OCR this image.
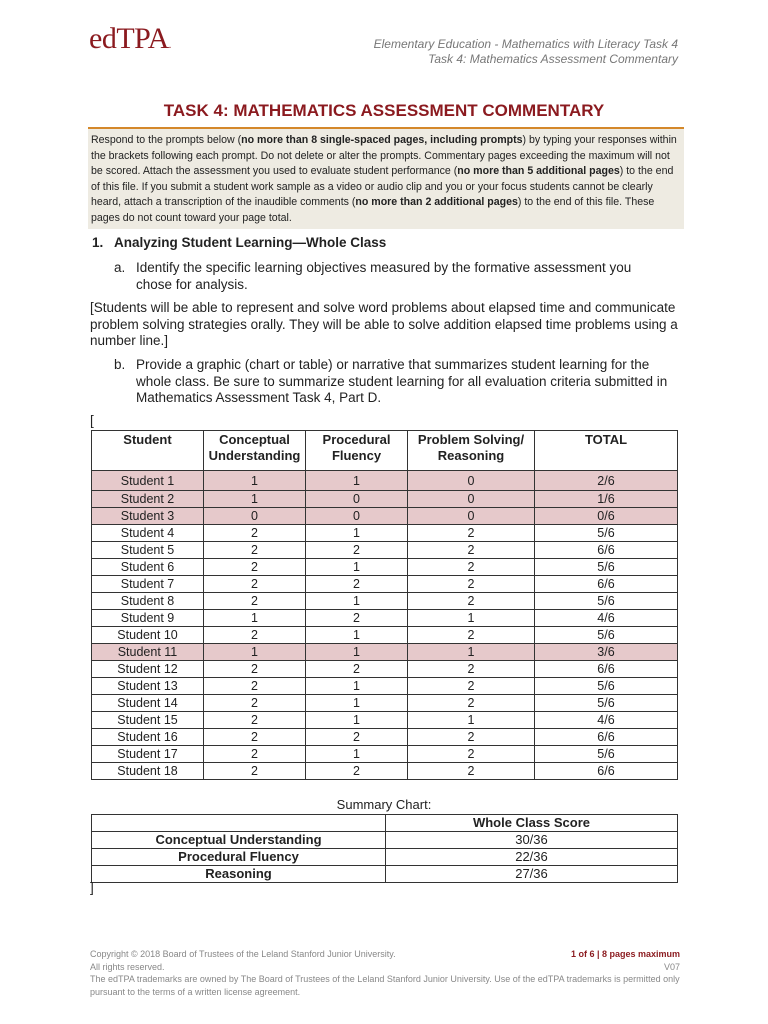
edTPA.	Elementary Education - Mathematics with Literacy Task 4
Task 4: Mathematics Assessment Commentary
TASK 4: MATHEMATICS ASSESSMENT COMMENTARY
Respond to the prompts below (no more than 8 single-spaced pages, including prompts) by typing your responses within the brackets following each prompt. Do not delete or alter the prompts. Commentary pages exceeding the maximum will not be scored. Attach the assessment you used to evaluate student performance (no more than 5 additional pages) to the end of this file. If you submit a student work sample as a video or audio clip and you or your focus students cannot be clearly heard, attach a transcription of the inaudible comments (no more than 2 additional pages) to the end of this file. These pages do not count toward your page total.
1. Analyzing Student Learning—Whole Class
a. Identify the specific learning objectives measured by the formative assessment you chose for analysis.
[Students will be able to represent and solve word problems about elapsed time and communicate problem solving strategies orally. They will be able to solve addition elapsed time problems using a number line.]
b. Provide a graphic (chart or table) or narrative that summarizes student learning for the whole class. Be sure to summarize student learning for all evaluation criteria submitted in Mathematics Assessment Task 4, Part D.
[
Student	Conceptual Understanding	Procedural Fluency	Problem Solving/ Reasoning	TOTAL
Student 1	1	1	0	2/6
Student 2	1	0	0	1/6
Student 3	0	0	0	0/6
Student 4	2	1	2	5/6
Student 5	2	2	2	6/6
Student 6	2	1	2	5/6
Student 7	2	2	2	6/6
Student 8	2	1	2	5/6
Student 9	1	2	1	4/6
Student 10	2	1	2	5/6
Student 11	1	1	1	3/6
Student 12	2	2	2	6/6
Student 13	2	1	2	5/6
Student 14	2	1	2	5/6
Student 15	2	1	1	4/6
Student 16	2	2	2	6/6
Student 17	2	1	2	5/6
Student 18	2	2	2	6/6
Summary Chart:
	Whole Class Score
Conceptual Understanding	30/36
Procedural Fluency	22/36
Reasoning	27/36
]
Copyright © 2018 Board of Trustees of the Leland Stanford Junior University.
All rights reserved.
The edTPA trademarks are owned by The Board of Trustees of the Leland Stanford Junior University. Use of the edTPA trademarks is permitted only pursuant to the terms of a written license agreement.
1 of 6 | 8 pages maximum
V07
